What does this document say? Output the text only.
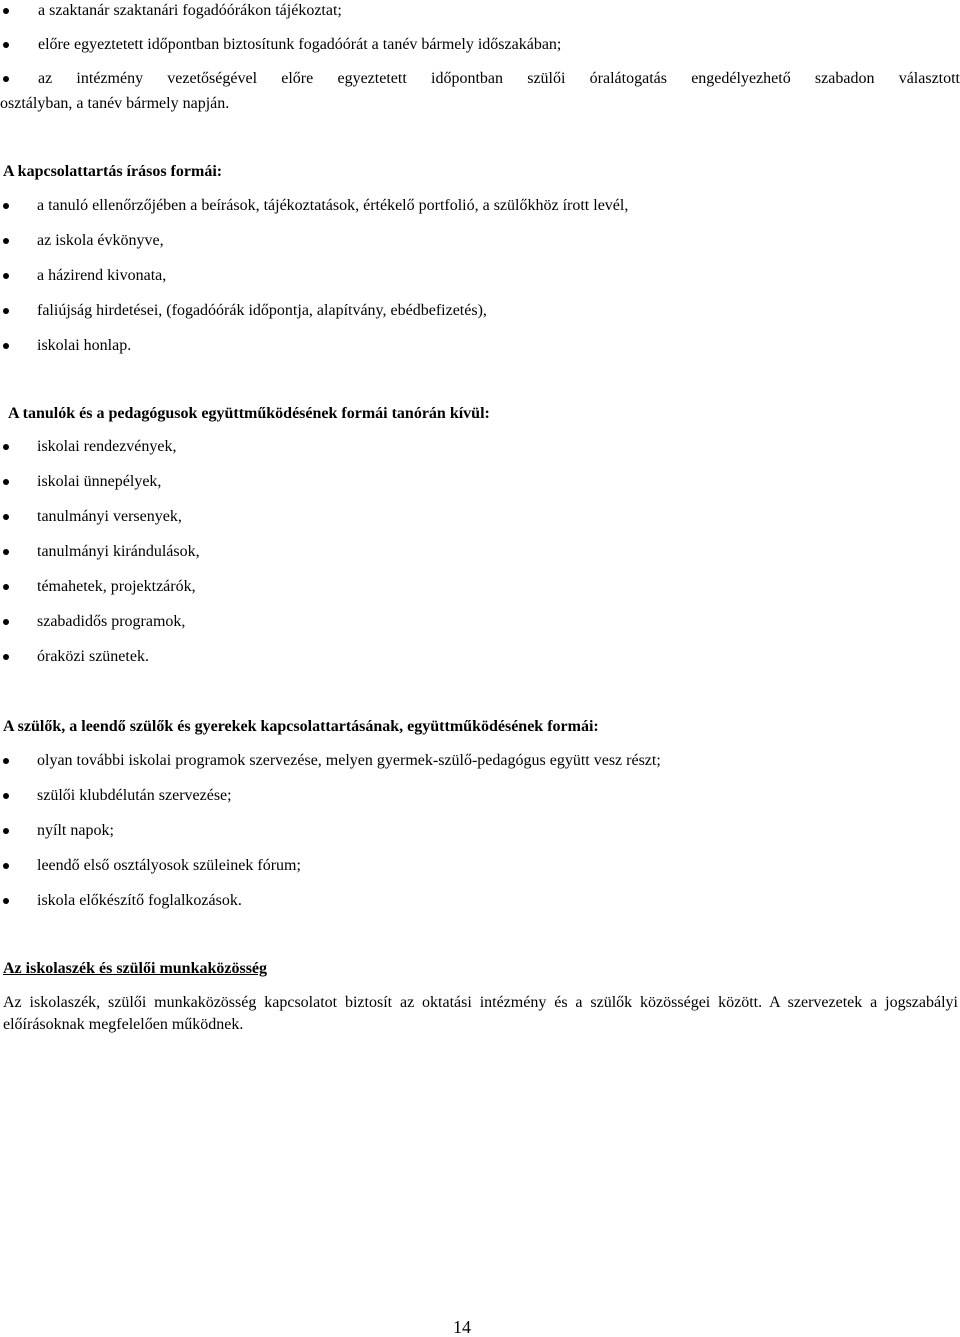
a szaktanár szaktanári fogadóórákon tájékoztat;
előre egyeztetett időpontban biztosítunk fogadóórát a tanév bármely időszakában;
az intézmény vezetőségével előre egyeztetett időpontban szülői óralátogatás engedélyezhető szabadon választott
osztályban, a tanév bármely napján.
A kapcsolattartás írásos formái:
a tanuló ellenőrzőjében a beírások, tájékoztatások, értékelő portfolió, a szülőkhöz írott levél,
az iskola évkönyve,
a házirend kivonata,
faliújság hirdetései, (fogadóórák időpontja, alapítvány, ebédbefizetés),
iskolai honlap.
A tanulók és a pedagógusok együttműködésének formái tanórán kívül:
iskolai rendezvények,
iskolai ünnepélyek,
tanulmányi versenyek,
tanulmányi kirándulások,
témahetek, projektzárók,
szabadidős programok,
óraközi szünetek.
A szülők, a leendő szülők és gyerekek kapcsolattartásának, együttműködésének formái:
olyan további iskolai programok szervezése, melyen gyermek-szülő-pedagógus együtt vesz részt;
szülői klubdélután szervezése;
nyílt napok;
leendő első osztályosok szüleinek fórum;
iskola előkészítő foglalkozások.
Az iskolaszék és szülői munkaközösség

Az iskolaszék, szülői munkaközösség kapcsolatot biztosít az oktatási intézmény és a szülők közösségei között. A szervezetek a jogszabályi előírásoknak megfelelően működnek.

14
